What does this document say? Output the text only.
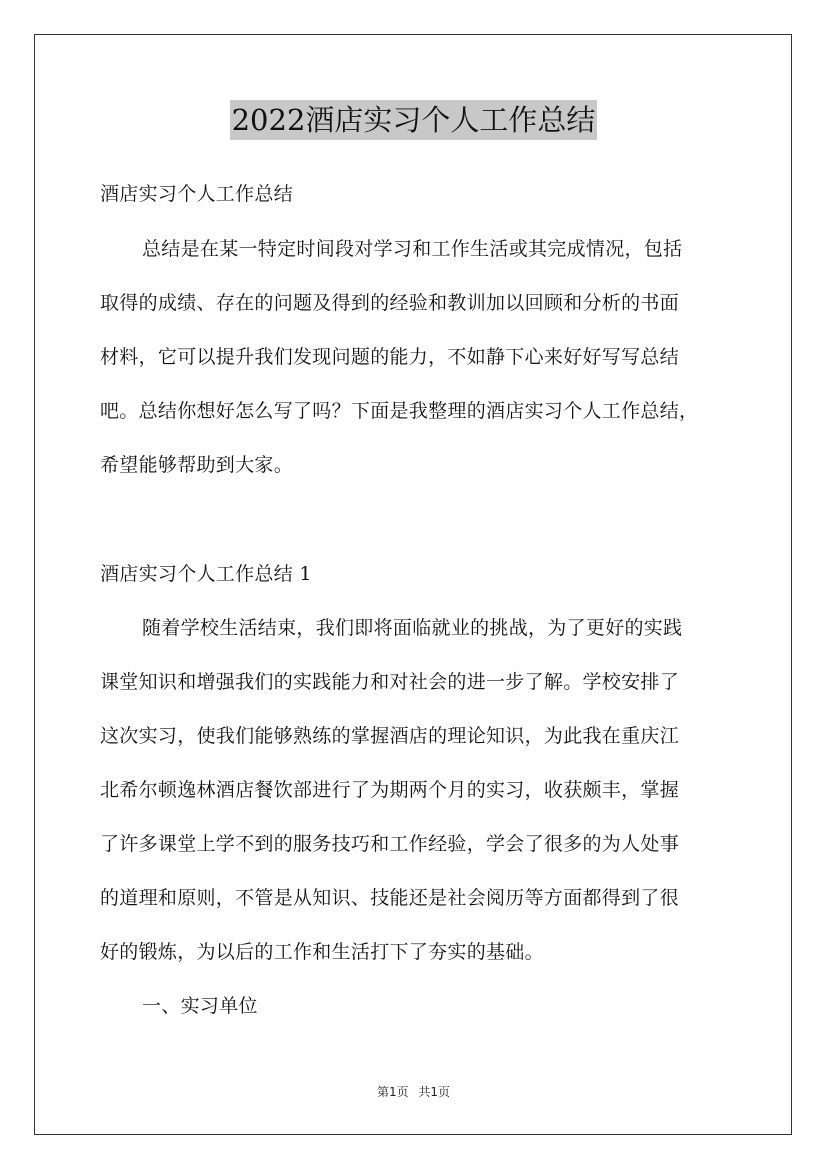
2022酒店实习个人工作总结
酒店实习个人工作总结
总结是在某一特定时间段对学习和工作生活或其完成情况，包括
取得的成绩、存在的问题及得到的经验和教训加以回顾和分析的书面
材料，它可以提升我们发现问题的能力，不如静下心来好好写写总结
吧。总结你想好怎么写了吗？下面是我整理的酒店实习个人工作总结，
希望能够帮助到大家。
酒店实习个人工作总结 1
随着学校生活结束，我们即将面临就业的挑战，为了更好的实践
课堂知识和增强我们的实践能力和对社会的进一步了解。学校安排了
这次实习，使我们能够熟练的掌握酒店的理论知识，为此我在重庆江
北希尔顿逸林酒店餐饮部进行了为期两个月的实习，收获颇丰，掌握
了许多课堂上学不到的服务技巧和工作经验，学会了很多的为人处事
的道理和原则，不管是从知识、技能还是社会阅历等方面都得到了很
好的锻炼，为以后的工作和生活打下了夯实的基础。
一、实习单位
第1页 共1页
